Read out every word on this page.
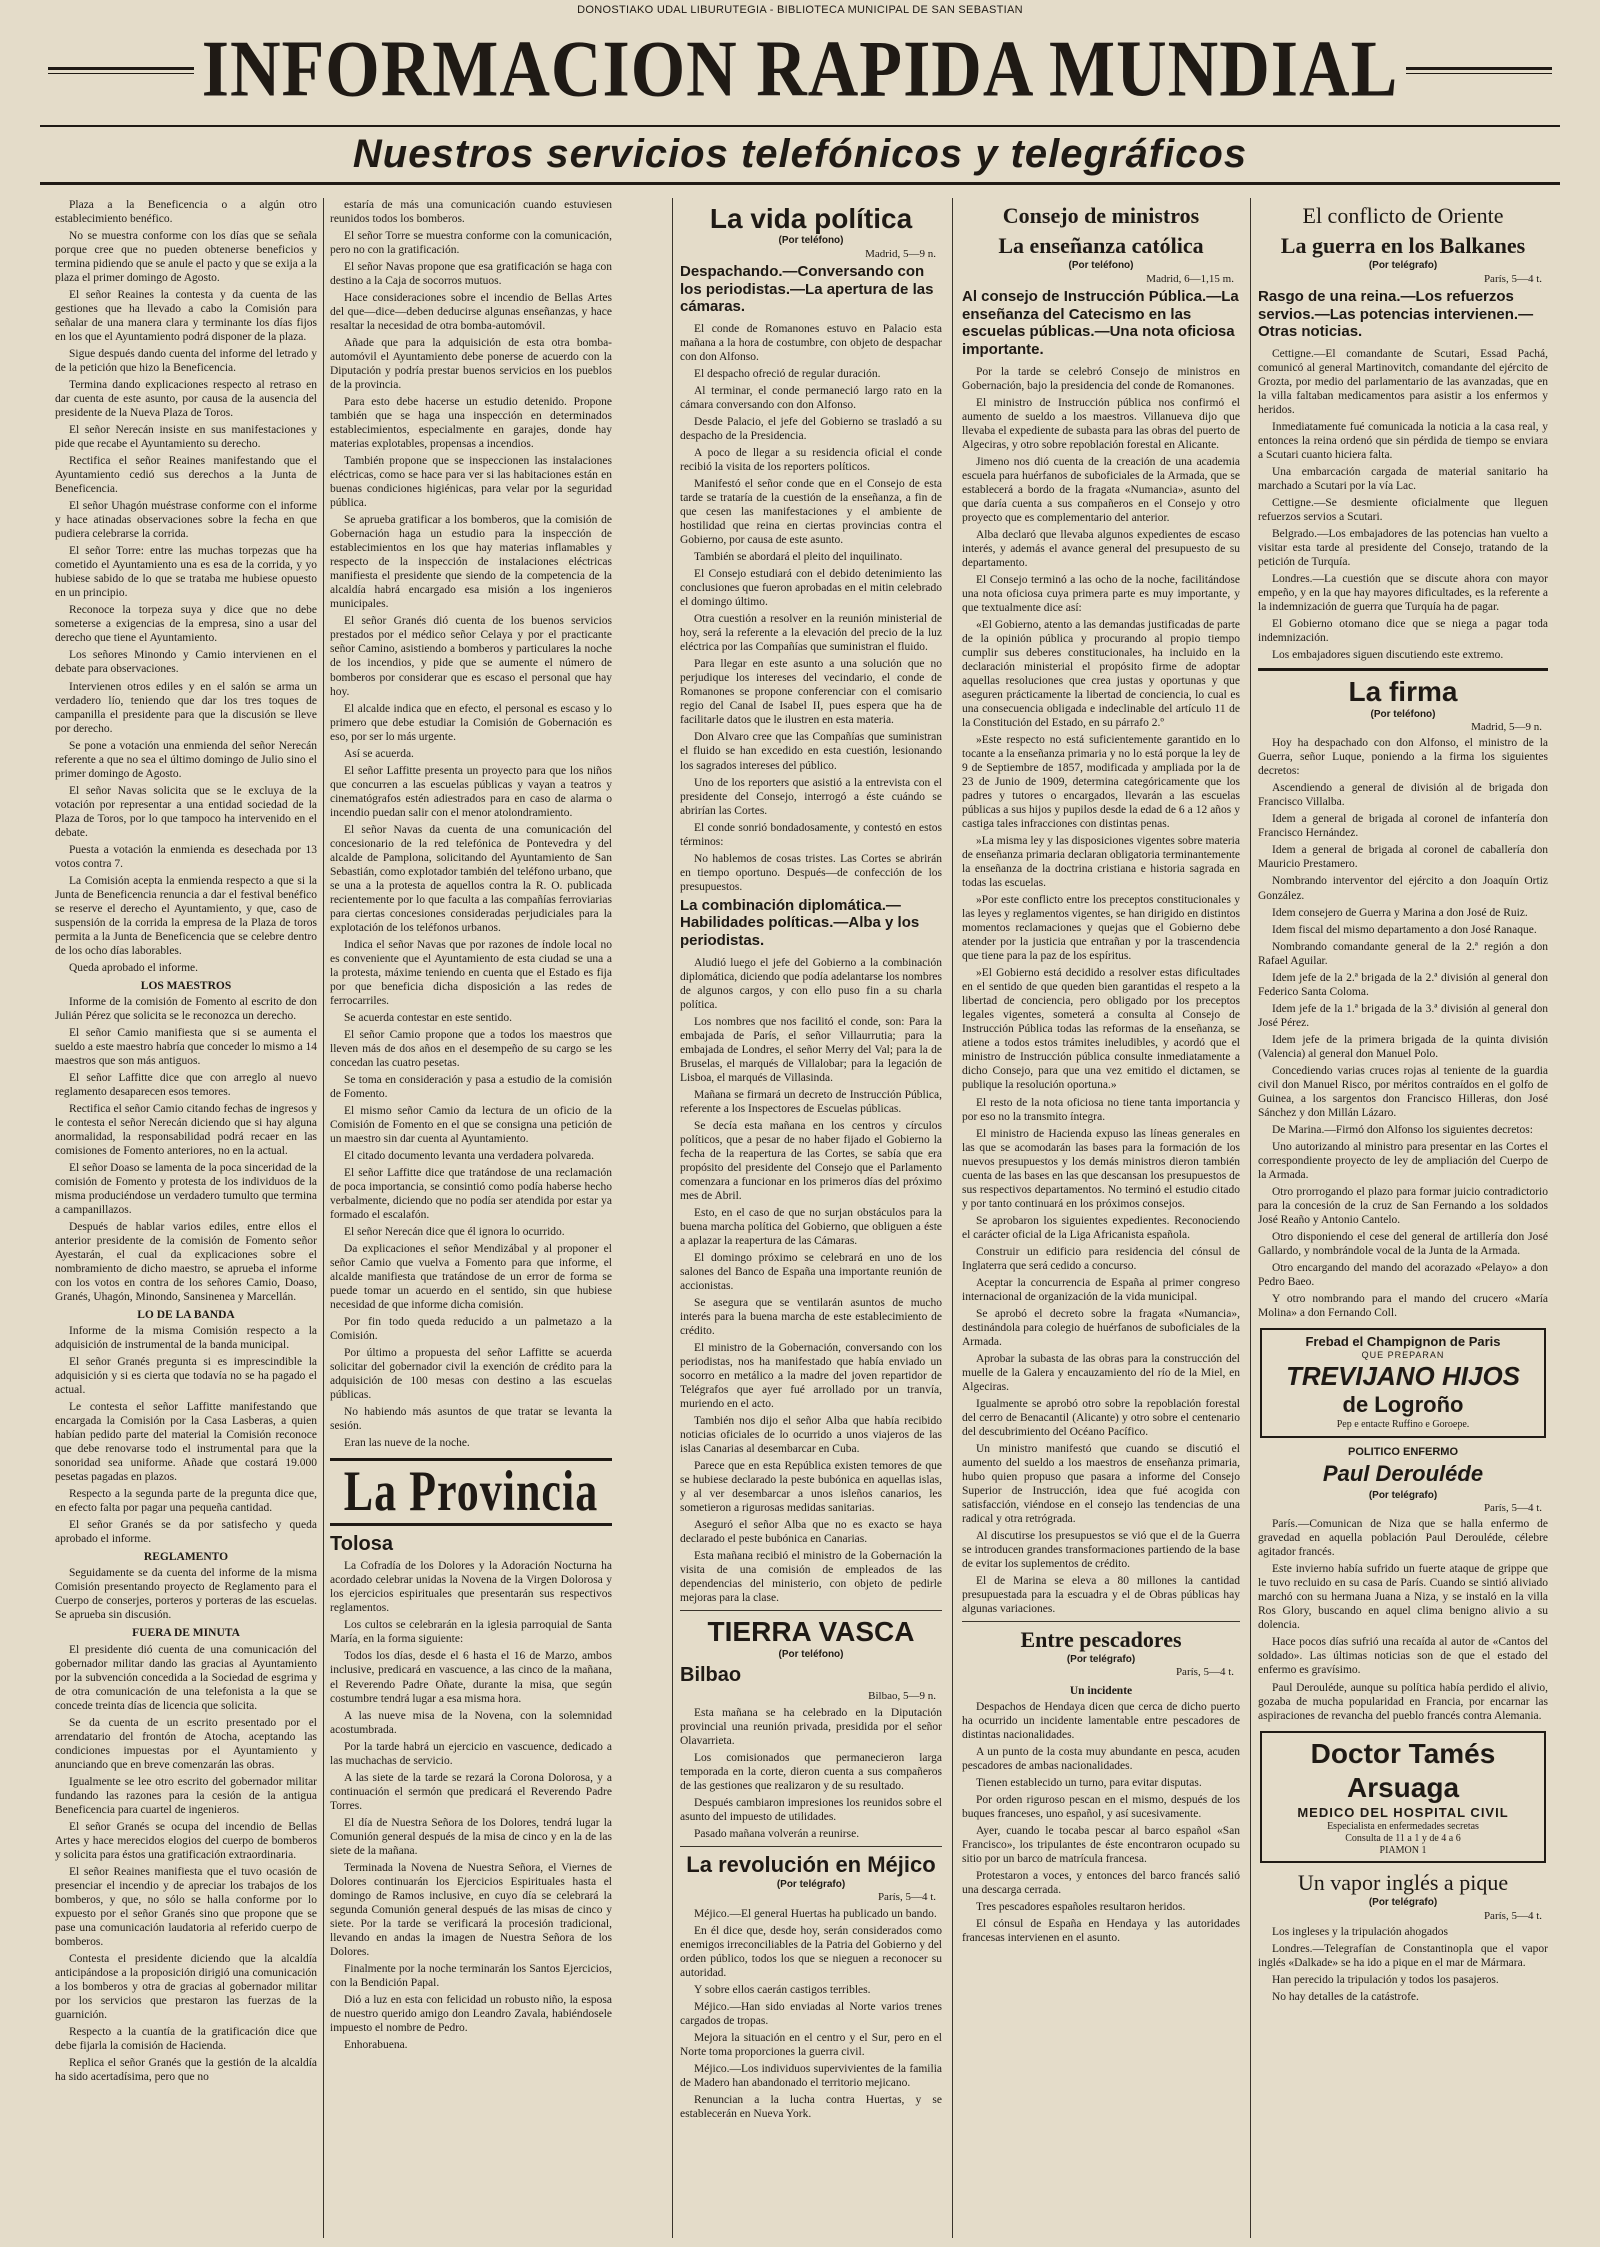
DONOSTIAKO UDAL LIBURUTEGIA - BIBLIOTECA MUNICIPAL DE SAN SEBASTIAN
INFORMACION RAPIDA MUNDIAL
Nuestros servicios telefónicos y telegráficos

Plaza a la Beneficencia o a algún otro establecimiento benéfico.

No se muestra conforme con los días que se señala porque cree que no pueden obtenerse beneficios y termina pidiendo que se anule el pacto y que se exija a la plaza el primer domingo de Agosto.

El señor Reaines la contesta y da cuenta de las gestiones que ha llevado a cabo la Comisión para señalar de una manera clara y terminante los días fijos en los que el Ayuntamiento podrá disponer de la plaza.

Sigue después dando cuenta del informe del letrado y de la petición que hizo la Beneficencia.

Termina dando explicaciones respecto al retraso en dar cuenta de este asunto, por causa de la ausencia del presidente de la Nueva Plaza de Toros.

El señor Nerecán insiste en sus manifestaciones y pide que recabe el Ayuntamiento su derecho.

Rectifica el señor Reaines manifestando que el Ayuntamiento cedió sus derechos a la Junta de Beneficencia.

El señor Uhagón muéstrase conforme con el informe y hace atinadas observaciones sobre la fecha en que pudiera celebrarse la corrida.

El señor Torre: entre las muchas torpezas que ha cometido el Ayuntamiento una es esa de la corrida, y yo hubiese sabido de lo que se trataba me hubiese opuesto en un principio.

Reconoce la torpeza suya y dice que no debe someterse a exigencias de la empresa, sino a usar del derecho que tiene el Ayuntamiento.

Los señores Minondo y Camio intervienen en el debate para observaciones.

Intervienen otros ediles y en el salón se arma un verdadero lío, teniendo que dar los tres toques de campanilla el presidente para que la discusión se lleve por derecho.

Se pone a votación una enmienda del señor Nerecán referente a que no sea el último domingo de Julio sino el primer domingo de Agosto.

El señor Navas solicita que se le excluya de la votación por representar a una entidad sociedad de la Plaza de Toros, por lo que tampoco ha intervenido en el debate.

Puesta a votación la enmienda es desechada por 13 votos contra 7.

La Comisión acepta la enmienda respecto a que si la Junta de Beneficencia renuncia a dar el festival benéfico se reserve el derecho el Ayuntamiento, y que, caso de suspensión de la corrida la empresa de la Plaza de toros permita a la Junta de Beneficencia que se celebre dentro de los ocho días laborables.

Queda aprobado el informe.

LOS MAESTROS

Informe de la comisión de Fomento al escrito de don Julián Pérez que solicita se le reconozca un derecho.

El señor Camio manifiesta que si se aumenta el sueldo a este maestro habría que conceder lo mismo a 14 maestros que son más antiguos.

El señor Laffitte dice que con arreglo al nuevo reglamento desaparecen esos temores.

Rectifica el señor Camio citando fechas de ingresos y le contesta el señor Nerecán diciendo que si hay alguna anormalidad, la responsabilidad podrá recaer en las comisiones de Fomento anteriores, no en la actual.

El señor Doaso se lamenta de la poca sinceridad de la comisión de Fomento y protesta de los individuos de la misma produciéndose un verdadero tumulto que termina a campanillazos.

Después de hablar varios ediles, entre ellos el anterior presidente de la comisión de Fomento señor Ayestarán, el cual da explicaciones sobre el nombramiento de dicho maestro, se aprueba el informe con los votos en contra de los señores Camio, Doaso, Granés, Uhagón, Minondo, Sansinenea y Marcellán.

LO DE LA BANDA

Informe de la misma Comisión respecto a la adquisición de instrumental de la banda municipal.

El señor Granés pregunta si es imprescindible la adquisición y si es cierta que todavía no se ha pagado el actual.

Le contesta el señor Laffitte manifestando que encargada la Comisión por la Casa Lasberas, a quien habían pedido parte del material la Comisión reconoce que debe renovarse todo el instrumental para que la sonoridad sea uniforme. Añade que costará 19.000 pesetas pagadas en plazos.

Respecto a la segunda parte de la pregunta dice que, en efecto falta por pagar una pequeña cantidad.

El señor Granés se da por satisfecho y queda aprobado el informe.

REGLAMENTO

Seguidamente se da cuenta del informe de la misma Comisión presentando proyecto de Reglamento para el Cuerpo de conserjes, porteros y porteras de las escuelas. Se aprueba sin discusión.

FUERA DE MINUTA

El presidente dió cuenta de una comunicación del gobernador militar dando las gracias al Ayuntamiento por la subvención concedida a la Sociedad de esgrima y de otra comunicación de una telefonista a la que se concede treinta días de licencia que solicita.

Se da cuenta de un escrito presentado por el arrendatario del frontón de Atocha, aceptando las condiciones impuestas por el Ayuntamiento y anunciando que en breve comenzarán las obras.

Igualmente se lee otro escrito del gobernador militar fundando las razones para la cesión de la antigua Beneficencia para cuartel de ingenieros.

El señor Granés se ocupa del incendio de Bellas Artes y hace merecidos elogios del cuerpo de bomberos y solicita para éstos una gratificación extraordinaria.

El señor Reaines manifiesta que el tuvo ocasión de presenciar el incendio y de apreciar los trabajos de los bomberos, y que, no sólo se halla conforme por lo expuesto por el señor Granés sino que propone que se pase una comunicación laudatoria al referido cuerpo de bomberos.

Contesta el presidente diciendo que la alcaldía anticipándose a la proposición dirigió una comunicación a los bomberos y otra de gracias al gobernador militar por los servicios que prestaron las fuerzas de la guarnición.

Respecto a la cuantía de la gratificación dice que debe fijarla la comisión de Hacienda.

Replica el señor Granés que la gestión de la alcaldía ha sido acertadísima, pero que no

estaría de más una comunicación cuando estuviesen reunidos todos los bomberos.

El señor Torre se muestra conforme con la comunicación, pero no con la gratificación.

El señor Navas propone que esa gratificación se haga con destino a la Caja de socorros mutuos.

Hace consideraciones sobre el incendio de Bellas Artes del que—dice—deben deducirse algunas enseñanzas, y hace resaltar la necesidad de otra bomba-automóvil.

Añade que para la adquisición de esta otra bomba-automóvil el Ayuntamiento debe ponerse de acuerdo con la Diputación y podría prestar buenos servicios en los pueblos de la provincia.

Para esto debe hacerse un estudio detenido. Propone también que se haga una inspección en determinados establecimientos, especialmente en garajes, donde hay materias explotables, propensas a incendios.

También propone que se inspeccionen las instalaciones eléctricas, como se hace para ver si las habitaciones están en buenas condiciones higiénicas, para velar por la seguridad pública.

Se aprueba gratificar a los bomberos, que la comisión de Gobernación haga un estudio para la inspección de establecimientos en los que hay materias inflamables y respecto de la inspección de instalaciones eléctricas manifiesta el presidente que siendo de la competencia de la alcaldía habrá encargado esa misión a los ingenieros municipales.

El señor Granés dió cuenta de los buenos servicios prestados por el médico señor Celaya y por el practicante señor Camino, asistiendo a bomberos y particulares la noche de los incendios, y pide que se aumente el número de bomberos por considerar que es escaso el personal que hay hoy.

El alcalde indica que en efecto, el personal es escaso y lo primero que debe estudiar la Comisión de Gobernación es eso, por ser lo más urgente.

Así se acuerda.

El señor Laffitte presenta un proyecto para que los niños que concurren a las escuelas públicas y vayan a teatros y cinematógrafos estén adiestrados para en caso de alarma o incendio puedan salir con el menor atolondramiento.

El señor Navas da cuenta de una comunicación del concesionario de la red telefónica de Pontevedra y del alcalde de Pamplona, solicitando del Ayuntamiento de San Sebastián, como explotador también del teléfono urbano, que se una a la protesta de aquellos contra la R. O. publicada recientemente por lo que faculta a las compañías ferroviarias para ciertas concesiones consideradas perjudiciales para la explotación de los teléfonos urbanos.

Indica el señor Navas que por razones de índole local no es conveniente que el Ayuntamiento de esta ciudad se una a la protesta, máxime teniendo en cuenta que el Estado es fija por que beneficia dicha disposición a las redes de ferrocarriles.

Se acuerda contestar en este sentido.

El señor Camio propone que a todos los maestros que lleven más de dos años en el desempeño de su cargo se les concedan las cuatro pesetas.

Se toma en consideración y pasa a estudio de la comisión de Fomento.

El mismo señor Camio da lectura de un oficio de la Comisión de Fomento en el que se consigna una petición de un maestro sin dar cuenta al Ayuntamiento.

El citado documento levanta una verdadera polvareda.

El señor Laffitte dice que tratándose de una reclamación de poca importancia, se consintió como podía haberse hecho verbalmente, diciendo que no podía ser atendida por estar ya formado el escalafón.

El señor Nerecán dice que él ignora lo ocurrido.

Da explicaciones el señor Mendizábal y al proponer el señor Camio que vuelva a Fomento para que informe, el alcalde manifiesta que tratándose de un error de forma se puede tomar un acuerdo en el sentido, sin que hubiese necesidad de que informe dicha comisión.

Por fin todo queda reducido a un palmetazo a la Comisión.

Por último a propuesta del señor Laffitte se acuerda solicitar del gobernador civil la exención de crédito para la adquisición de 100 mesas con destino a las escuelas públicas.

No habiendo más asuntos de que tratar se levanta la sesión.

Eran las nueve de la noche.

La Provincia
Tolosa

La Cofradía de los Dolores y la Adoración Nocturna ha acordado celebrar unidas la Novena de la Virgen Dolorosa y los ejercicios espirituales que presentarán sus respectivos reglamentos.

Los cultos se celebrarán en la iglesia parroquial de Santa María, en la forma siguiente:

Todos los días, desde el 6 hasta el 16 de Marzo, ambos inclusive, predicará en vascuence, a las cinco de la mañana, el Reverendo Padre Oñate, durante la misa, que según costumbre tendrá lugar a esa misma hora.

A las nueve misa de la Novena, con la solemnidad acostumbrada.

Por la tarde habrá un ejercicio en vascuence, dedicado a las muchachas de servicio.

A las siete de la tarde se rezará la Corona Dolorosa, y a continuación el sermón que predicará el Reverendo Padre Torres.

El día de Nuestra Señora de los Dolores, tendrá lugar la Comunión general después de la misa de cinco y en la de las siete de la mañana.

Terminada la Novena de Nuestra Señora, el Viernes de Dolores continuarán los Ejercicios Espirituales hasta el domingo de Ramos inclusive, en cuyo día se celebrará la segunda Comunión general después de las misas de cinco y siete. Por la tarde se verificará la procesión tradicional, llevando en andas la imagen de Nuestra Señora de los Dolores.

Finalmente por la noche terminarán los Santos Ejercicios, con la Bendición Papal.

Dió a luz en esta con felicidad un robusto niño, la esposa de nuestro querido amigo don Leandro Zavala, habiéndosele impuesto el nombre de Pedro.

Enhorabuena.

La vida política
(Por teléfono)
Madrid, 5—9 n.
Despachando.—Conversando con los periodistas.—La apertura de las cámaras.

El conde de Romanones estuvo en Palacio esta mañana a la hora de costumbre, con objeto de despachar con don Alfonso.

El despacho ofreció de regular duración.

Al terminar, el conde permaneció largo rato en la cámara conversando con don Alfonso.

Desde Palacio, el jefe del Gobierno se trasladó a su despacho de la Presidencia.

A poco de llegar a su residencia oficial el conde recibió la visita de los reporters políticos.

Manifestó el señor conde que en el Consejo de esta tarde se trataría de la cuestión de la enseñanza, a fin de que cesen las manifestaciones y el ambiente de hostilidad que reina en ciertas provincias contra el Gobierno, por causa de este asunto.

También se abordará el pleito del inquilinato.

El Consejo estudiará con el debido detenimiento las conclusiones que fueron aprobadas en el mitin celebrado el domingo último.

Otra cuestión a resolver en la reunión ministerial de hoy, será la referente a la elevación del precio de la luz eléctrica por las Compañías que suministran el fluido.

Para llegar en este asunto a una solución que no perjudique los intereses del vecindario, el conde de Romanones se propone conferenciar con el comisario regio del Canal de Isabel II, pues espera que ha de facilitarle datos que le ilustren en esta materia.

Don Alvaro cree que las Compañías que suministran el fluido se han excedido en esta cuestión, lesionando los sagrados intereses del público.

Uno de los reporters que asistió a la entrevista con el presidente del Consejo, interrogó a éste cuándo se abrirían las Cortes.

El conde sonrió bondadosamente, y contestó en estos términos:

No hablemos de cosas tristes. Las Cortes se abrirán en tiempo oportuno. Después—de confección de los presupuestos.

La combinación diplomática.—Habilidades políticas.—Alba y los periodistas.

Aludió luego el jefe del Gobierno a la combinación diplomática, diciendo que podía adelantarse los nombres de algunos cargos, y con ello puso fin a su charla política.

Los nombres que nos facilitó el conde, son: Para la embajada de París, el señor Villaurrutia; para la embajada de Londres, el señor Merry del Val; para la de Bruselas, el marqués de Villalobar; para la legación de Lisboa, el marqués de Villasinda.

Mañana se firmará un decreto de Instrucción Pública, referente a los Inspectores de Escuelas públicas.

Se decía esta mañana en los centros y círculos políticos, que a pesar de no haber fijado el Gobierno la fecha de la reapertura de las Cortes, se sabía que era propósito del presidente del Consejo que el Parlamento comenzara a funcionar en los primeros días del próximo mes de Abril.

Esto, en el caso de que no surjan obstáculos para la buena marcha política del Gobierno, que obliguen a éste a aplazar la reapertura de las Cámaras.

El domingo próximo se celebrará en uno de los salones del Banco de España una importante reunión de accionistas.

Se asegura que se ventilarán asuntos de mucho interés para la buena marcha de este establecimiento de crédito.

El ministro de la Gobernación, conversando con los periodistas, nos ha manifestado que había enviado un socorro en metálico a la madre del joven repartidor de Telégrafos que ayer fué arrollado por un tranvía, muriendo en el acto.

También nos dijo el señor Alba que había recibido noticias oficiales de lo ocurrido a unos viajeros de las islas Canarias al desembarcar en Cuba.

Parece que en esta República existen temores de que se hubiese declarado la peste bubónica en aquellas islas, y al ver desembarcar a unos isleños canarios, les sometieron a rigurosas medidas sanitarias.

Aseguró el señor Alba que no es exacto se haya declarado el peste bubónica en Canarias.

Esta mañana recibió el ministro de la Gobernación la visita de una comisión de empleados de las dependencias del ministerio, con objeto de pedirle mejoras para la clase.

TIERRA VASCA
(Por teléfono)
Bilbao
Bilbao, 5—9 n.

Esta mañana se ha celebrado en la Diputación provincial una reunión privada, presidida por el señor Olavarrieta.

Los comisionados que permanecieron larga temporada en la corte, dieron cuenta a sus compañeros de las gestiones que realizaron y de su resultado.

Después cambiaron impresiones los reunidos sobre el asunto del impuesto de utilidades.

Pasado mañana volverán a reunirse.

La revolución en Méjico
(Por telégrafo)
París, 5—4 t.

Méjico.—El general Huertas ha publicado un bando.

En él dice que, desde hoy, serán considerados como enemigos irreconciliables de la Patria del Gobierno y del orden público, todos los que se nieguen a reconocer su autoridad.

Y sobre ellos caerán castigos terribles.

Méjico.—Han sido enviadas al Norte varios trenes cargados de tropas.

Mejora la situación en el centro y el Sur, pero en el Norte toma proporciones la guerra civil.

Méjico.—Los individuos supervivientes de la familia de Madero han abandonado el territorio mejicano.

Renuncian a la lucha contra Huertas, y se establecerán en Nueva York.

Consejo de ministros
La enseñanza católica
(Por teléfono)
Madrid, 6—1,15 m.
Al consejo de Instrucción Pública.—La enseñanza del Catecismo en las escuelas públicas.—Una nota oficiosa importante.

Por la tarde se celebró Consejo de ministros en Gobernación, bajo la presidencia del conde de Romanones.

El ministro de Instrucción pública nos confirmó el aumento de sueldo a los maestros. Villanueva dijo que llevaba el expediente de subasta para las obras del puerto de Algeciras, y otro sobre repoblación forestal en Alicante.

Jimeno nos dió cuenta de la creación de una academia escuela para huérfanos de suboficiales de la Armada, que se establecerá a bordo de la fragata «Numancia», asunto del que daría cuenta a sus compañeros en el Consejo y otro proyecto que es complementario del anterior.

Alba declaró que llevaba algunos expedientes de escaso interés, y además el avance general del presupuesto de su departamento.

El Consejo terminó a las ocho de la noche, facilitándose una nota oficiosa cuya primera parte es muy importante, y que textualmente dice así:

«El Gobierno, atento a las demandas justificadas de parte de la opinión pública y procurando al propio tiempo cumplir sus deberes constitucionales, ha incluido en la declaración ministerial el propósito firme de adoptar aquellas resoluciones que crea justas y oportunas y que aseguren prácticamente la libertad de conciencia, lo cual es una consecuencia obligada e indeclinable del artículo 11 de la Constitución del Estado, en su párrafo 2.º

»Este respecto no está suficientemente garantido en lo tocante a la enseñanza primaria y no lo está porque la ley de 9 de Septiembre de 1857, modificada y ampliada por la de 23 de Junio de 1909, determina categóricamente que los padres y tutores o encargados, llevarán a las escuelas públicas a sus hijos y pupilos desde la edad de 6 a 12 años y castiga tales infracciones con distintas penas.

»La misma ley y las disposiciones vigentes sobre materia de enseñanza primaria declaran obligatoria terminantemente la enseñanza de la doctrina cristiana e historia sagrada en todas las escuelas.

»Por este conflicto entre los preceptos constitucionales y las leyes y reglamentos vigentes, se han dirigido en distintos momentos reclamaciones y quejas que el Gobierno debe atender por la justicia que entrañan y por la trascendencia que tiene para la paz de los espíritus.

»El Gobierno está decidido a resolver estas dificultades en el sentido de que queden bien garantidas el respeto a la libertad de conciencia, pero obligado por los preceptos legales vigentes, someterá a consulta al Consejo de Instrucción Pública todas las reformas de la enseñanza, se atiene a todos estos trámites ineludibles, y acordó que el ministro de Instrucción pública consulte inmediatamente a dicho Consejo, para que una vez emitido el dictamen, se publique la resolución oportuna.»

El resto de la nota oficiosa no tiene tanta importancia y por eso no la transmito íntegra.

El ministro de Hacienda expuso las líneas generales en las que se acomodarán las bases para la formación de los nuevos presupuestos y los demás ministros dieron también cuenta de las bases en las que descansan los presupuestos de sus respectivos departamentos. No terminó el estudio citado y por tanto continuará en los próximos consejos.

Se aprobaron los siguientes expedientes. Reconociendo el carácter oficial de la Liga Africanista española.

Construir un edificio para residencia del cónsul de Inglaterra que será cedido a concurso.

Aceptar la concurrencia de España al primer congreso internacional de organización de la vida municipal.

Se aprobó el decreto sobre la fragata «Numancia», destinándola para colegio de huérfanos de suboficiales de la Armada.

Aprobar la subasta de las obras para la construcción del muelle de la Galera y encauzamiento del río de la Miel, en Algeciras.

Igualmente se aprobó otro sobre la repoblación forestal del cerro de Benacantil (Alicante) y otro sobre el centenario del descubrimiento del Océano Pacífico.

Un ministro manifestó que cuando se discutió el aumento del sueldo a los maestros de enseñanza primaria, hubo quien propuso que pasara a informe del Consejo Superior de Instrucción, idea que fué acogida con satisfacción, viéndose en el consejo las tendencias de una radical y otra retrógrada.

Al discutirse los presupuestos se vió que el de la Guerra se introducen grandes transformaciones partiendo de la base de evitar los suplementos de crédito.

El de Marina se eleva a 80 millones la cantidad presupuestada para la escuadra y el de Obras públicas hay algunas variaciones.

Entre pescadores
(Por telégrafo)
París, 5—4 t.
Un incidente

Despachos de Hendaya dicen que cerca de dicho puerto ha ocurrido un incidente lamentable entre pescadores de distintas nacionalidades.

A un punto de la costa muy abundante en pesca, acuden pescadores de ambas nacionalidades.

Tienen establecido un turno, para evitar disputas.

Por orden riguroso pescan en el mismo, después de los buques franceses, uno español, y así sucesivamente.

Ayer, cuando le tocaba pescar al barco español «San Francisco», los tripulantes de éste encontraron ocupado su sitio por un barco de matrícula francesa.

Protestaron a voces, y entonces del barco francés salió una descarga cerrada.

Tres pescadores españoles resultaron heridos.

El cónsul de España en Hendaya y las autoridades francesas intervienen en el asunto.

El conflicto de Oriente
La guerra en los Balkanes
(Por telégrafo)
París, 5—4 t.
Rasgo de una reina.—Los refuerzos servios.—Las potencias intervienen.—Otras noticias.

Cettigne.—El comandante de Scutari, Essad Pachá, comunicó al general Martinovitch, comandante del ejército de Grozta, por medio del parlamentario de las avanzadas, que en la villa faltaban medicamentos para asistir a los enfermos y heridos.

Inmediatamente fué comunicada la noticia a la casa real, y entonces la reina ordenó que sin pérdida de tiempo se enviara a Scutari cuanto hiciera falta.

Una embarcación cargada de material sanitario ha marchado a Scutari por la vía Lac.

Cettigne.—Se desmiente oficialmente que lleguen refuerzos servios a Scutari.

Belgrado.—Los embajadores de las potencias han vuelto a visitar esta tarde al presidente del Consejo, tratando de la petición de Turquía.

Londres.—La cuestión que se discute ahora con mayor empeño, y en la que hay mayores dificultades, es la referente a la indemnización de guerra que Turquía ha de pagar.

El Gobierno otomano dice que se niega a pagar toda indemnización.

Los embajadores siguen discutiendo este extremo.

La firma
(Por teléfono)
Madrid, 5—9 n.

Hoy ha despachado con don Alfonso, el ministro de la Guerra, señor Luque, poniendo a la firma los siguientes decretos:

Ascendiendo a general de división al de brigada don Francisco Villalba.

Idem a general de brigada al coronel de infantería don Francisco Hernández.

Idem a general de brigada al coronel de caballería don Mauricio Prestamero.

Nombrando interventor del ejército a don Joaquín Ortiz González.

Idem consejero de Guerra y Marina a don José de Ruiz.

Idem fiscal del mismo departamento a don José Ranaque.

Nombrando comandante general de la 2.ª región a don Rafael Aguilar.

Idem jefe de la 2.ª brigada de la 2.ª división al general don Federico Santa Coloma.

Idem jefe de la 1.ª brigada de la 3.ª división al general don José Pérez.

Idem jefe de la primera brigada de la quinta división (Valencia) al general don Manuel Polo.

Concediendo varias cruces rojas al teniente de la guardia civil don Manuel Risco, por méritos contraídos en el golfo de Guinea, a los sargentos don Francisco Hilleras, don José Sánchez y don Millán Lázaro.

De Marina.—Firmó don Alfonso los siguientes decretos:

Uno autorizando al ministro para presentar en las Cortes el correspondiente proyecto de ley de ampliación del Cuerpo de la Armada.

Otro prorrogando el plazo para formar juicio contradictorio para la concesión de la cruz de San Fernando a los soldados José Reaño y Antonio Cantelo.

Otro disponiendo el cese del general de artillería don José Gallardo, y nombrándole vocal de la Junta de la Armada.

Otro encargando del mando del acorazado «Pelayo» a don Pedro Baeo.

Y otro nombrando para el mando del crucero «María Molina» a don Fernando Coll.

Frebad el Champignon de Paris
QUE PREPARAN
TREVIJANO HIJOS
de Logroño
Pep e entacte Ruffino e Goroepe.
POLITICO ENFERMO
Paul Derouléde
(Por telégrafo)
París, 5—4 t.

París.—Comunican de Niza que se halla enfermo de gravedad en aquella población Paul Derouléde, célebre agitador francés.

Este invierno había sufrido un fuerte ataque de grippe que le tuvo recluido en su casa de París. Cuando se sintió aliviado marchó con su hermana Juana a Niza, y se instaló en la villa Ros Glory, buscando en aquel clima benigno alivio a su dolencia.

Hace pocos días sufrió una recaída al autor de «Cantos del soldado». Las últimas noticias son de que el estado del enfermo es gravísimo.

Paul Derouléde, aunque su política había perdido el alivio, gozaba de mucha popularidad en Francia, por encarnar las aspiraciones de revancha del pueblo francés contra Alemania.

Doctor Tamés Arsuaga
MEDICO DEL HOSPITAL CIVIL
Especialista en enfermedades secretas
Consulta de 11 a 1 y de 4 a 6
PIAMON 1
Un vapor inglés a pique
(Por telégrafo)
París, 5—4 t.

Los ingleses y la tripulación ahogados

Londres.—Telegrafían de Constantinopla que el vapor inglés «Dalkade» se ha ido a pique en el mar de Mármara.

Han perecido la tripulación y todos los pasajeros.

No hay detalles de la catástrofe.
